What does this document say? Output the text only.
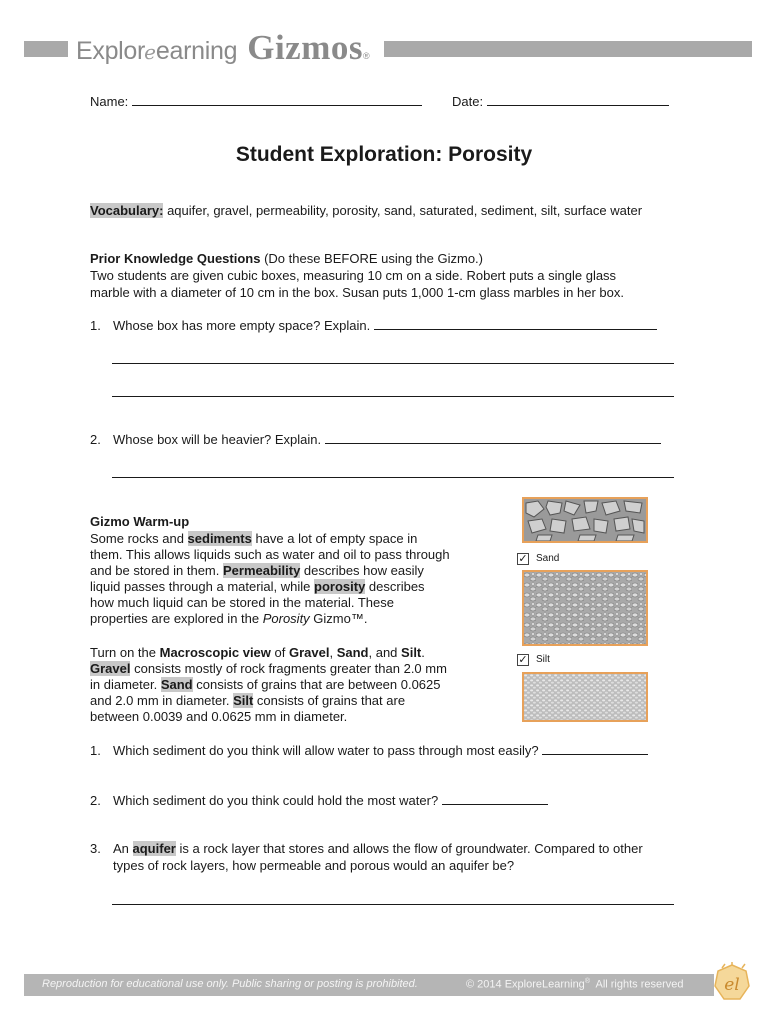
Explor e earning Gizmos ®
Name:	Date:
Student Exploration: Porosity
Vocabulary: aquifer, gravel, permeability, porosity, sand, saturated, sediment, silt, surface water
Prior Knowledge Questions (Do these BEFORE using the Gizmo.)
Two students are given cubic boxes, measuring 10 cm on a side. Robert puts a single glass
marble with a diameter of 10 cm in the box. Susan puts 1,000 1-cm glass marbles in her box.
1. Whose box has more empty space? Explain.
2. Whose box will be heavier? Explain.
Gizmo Warm-up
Some rocks and sediments have a lot of empty space in
them. This allows liquids such as water and oil to pass through
and be stored in them. Permeability describes how easily
liquid passes through a material, while porosity describes
how much liquid can be stored in the material. These
properties are explored in the Porosity Gizmo™.
Turn on the Macroscopic view of Gravel, Sand, and Silt.
Gravel consists mostly of rock fragments greater than 2.0 mm
in diameter. Sand consists of grains that are between 0.0625
and 2.0 mm in diameter. Silt consists of grains that are
between 0.0039 and 0.0625 mm in diameter.
✓ Sand
✓ Silt
1. Which sediment do you think will allow water to pass through most easily?
2. Which sediment do you think could hold the most water?
3. An aquifer is a rock layer that stores and allows the flow of groundwater. Compared to other
types of rock layers, how permeable and porous would an aquifer be?
Reproduction for educational use only. Public sharing or posting is prohibited.	© 2014 ExploreLearning®  All rights reserved el
